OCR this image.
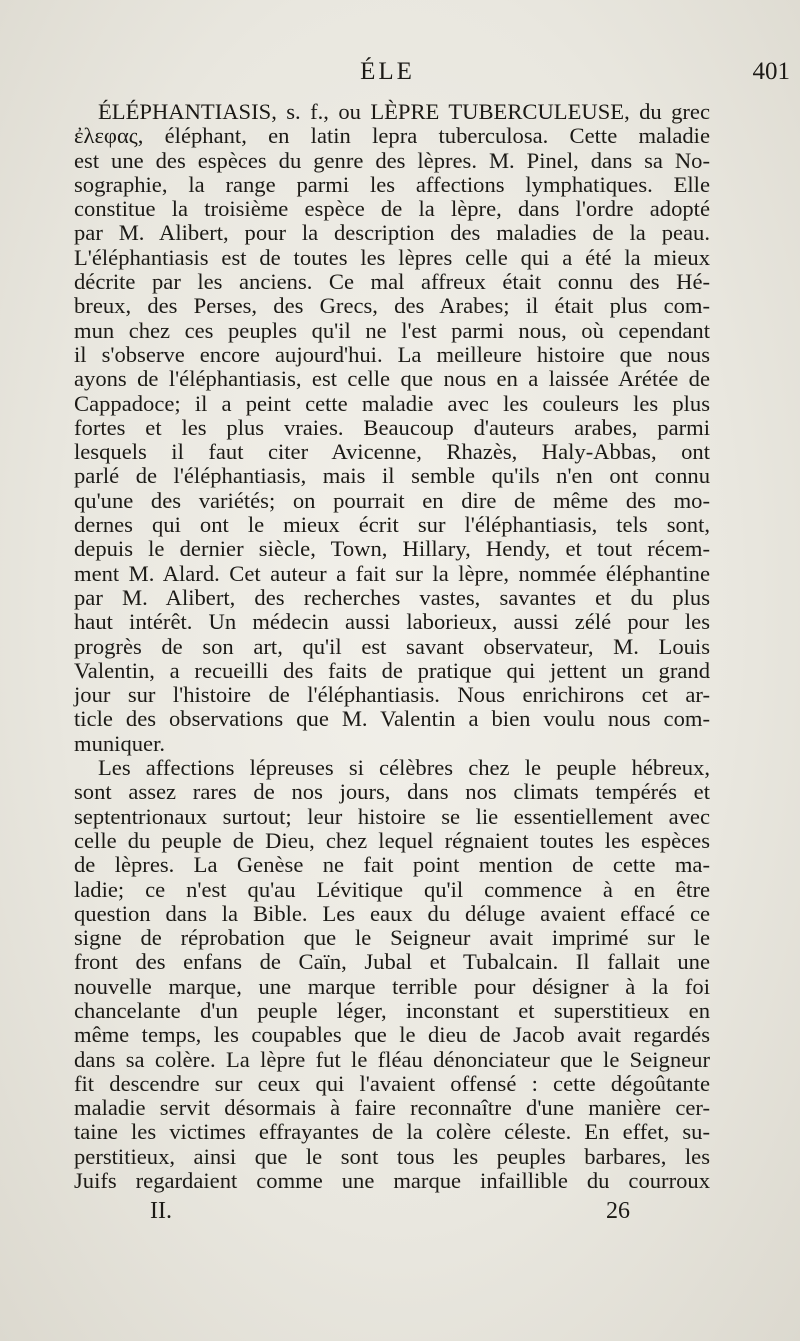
ÉLE	401
ÉLÉPHANTIASIS, s. f., ou LÈPRE TUBERCULEUSE, du grec
ἐλεφας, éléphant, en latin lepra tuberculosa. Cette maladie
est une des espèces du genre des lèpres. M. Pinel, dans sa No-
sographie, la range parmi les affections lymphatiques. Elle
constitue la troisième espèce de la lèpre, dans l'ordre adopté
par M. Alibert, pour la description des maladies de la peau.
L'éléphantiasis est de toutes les lèpres celle qui a été la mieux
décrite par les anciens. Ce mal affreux était connu des Hé-
breux, des Perses, des Grecs, des Arabes; il était plus com-
mun chez ces peuples qu'il ne l'est parmi nous, où cependant
il s'observe encore aujourd'hui. La meilleure histoire que nous
ayons de l'éléphantiasis, est celle que nous en a laissée Arétée de
Cappadoce; il a peint cette maladie avec les couleurs les plus
fortes et les plus vraies. Beaucoup d'auteurs arabes, parmi
lesquels il faut citer Avicenne, Rhazès, Haly-Abbas, ont
parlé de l'éléphantiasis, mais il semble qu'ils n'en ont connu
qu'une des variétés; on pourrait en dire de même des mo-
dernes qui ont le mieux écrit sur l'éléphantiasis, tels sont,
depuis le dernier siècle, Town, Hillary, Hendy, et tout récem-
ment M. Alard. Cet auteur a fait sur la lèpre, nommée éléphantine
par M. Alibert, des recherches vastes, savantes et du plus
haut intérêt. Un médecin aussi laborieux, aussi zélé pour les
progrès de son art, qu'il est savant observateur, M. Louis
Valentin, a recueilli des faits de pratique qui jettent un grand
jour sur l'histoire de l'éléphantiasis. Nous enrichirons cet ar-
ticle des observations que M. Valentin a bien voulu nous com-
muniquer.
Les affections lépreuses si célèbres chez le peuple hébreux,
sont assez rares de nos jours, dans nos climats tempérés et
septentrionaux surtout; leur histoire se lie essentiellement avec
celle du peuple de Dieu, chez lequel régnaient toutes les espèces
de lèpres. La Genèse ne fait point mention de cette ma-
ladie; ce n'est qu'au Lévitique qu'il commence à en être
question dans la Bible. Les eaux du déluge avaient effacé ce
signe de réprobation que le Seigneur avait imprimé sur le
front des enfans de Caïn, Jubal et Tubalcain. Il fallait une
nouvelle marque, une marque terrible pour désigner à la foi
chancelante d'un peuple léger, inconstant et superstitieux en
même temps, les coupables que le dieu de Jacob avait regardés
dans sa colère. La lèpre fut le fléau dénonciateur que le Seigneur
fit descendre sur ceux qui l'avaient offensé : cette dégoûtante
maladie servit désormais à faire reconnaître d'une manière cer-
taine les victimes effrayantes de la colère céleste. En effet, su-
perstitieux, ainsi que le sont tous les peuples barbares, les
Juifs regardaient comme une marque infaillible du courroux
II.	26
